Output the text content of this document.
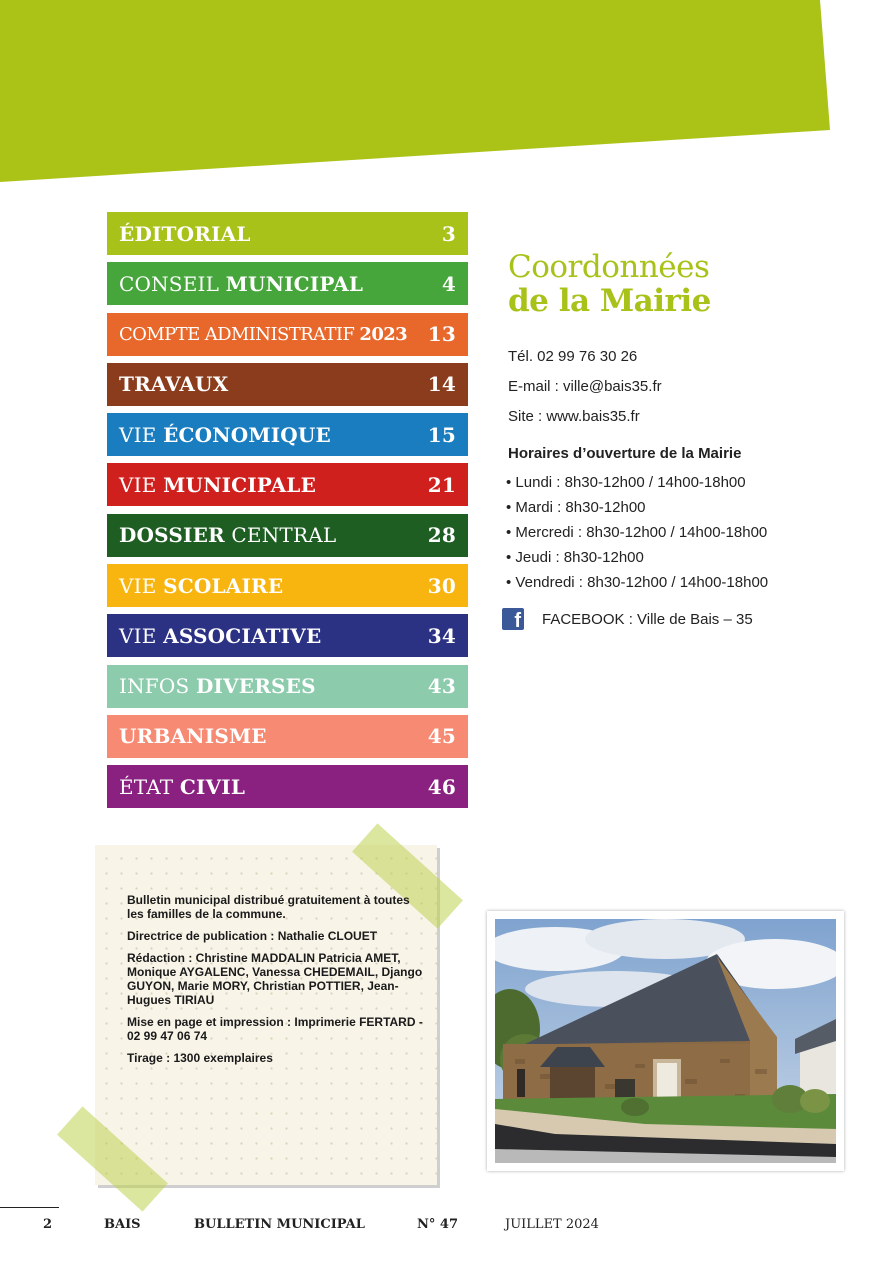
ÉDITORIAL	3
CONSEIL MUNICIPAL	4
COMPTE ADMINISTRATIF 2023 13
TRAVAUX	14
VIE ÉCONOMIQUE	15
VIE MUNICIPALE	21
DOSSIER CENTRAL	28
VIE SCOLAIRE	30
VIE ASSOCIATIVE	34
INFOS DIVERSES	43
URBANISME	45
ÉTAT CIVIL	46
Coordonnées
de la Mairie
Tél. 02 99 76 30 26
E-mail : ville@bais35.fr
Site : www.bais35.fr
Horaires d’ouverture de la Mairie
• Lundi : 8h30-12h00 / 14h00-18h00
• Mardi : 8h30-12h00
• Mercredi : 8h30-12h00 / 14h00-18h00
• Jeudi : 8h30-12h00
• Vendredi : 8h30-12h00 / 14h00-18h00
f FACEBOOK : Ville de Bais – 35

Bulletin municipal distribué gratuitement à toutes les familles de la commune.

Directrice de publication : Nathalie CLOUET

Rédaction : Christine MADDALIN Patricia AMET, Monique AYGALENC, Vanessa CHEDEMAIL, Django GUYON, Marie MORY, Christian POTTIER, Jean-Hugues TIRIAU

Mise en page et impression : Imprimerie FERTARD - 02 99 47 06 74

Tirage : 1300 exemplaires

2	BAIS	BULLETIN MUNICIPAL	N° 47	JUILLET 2024
